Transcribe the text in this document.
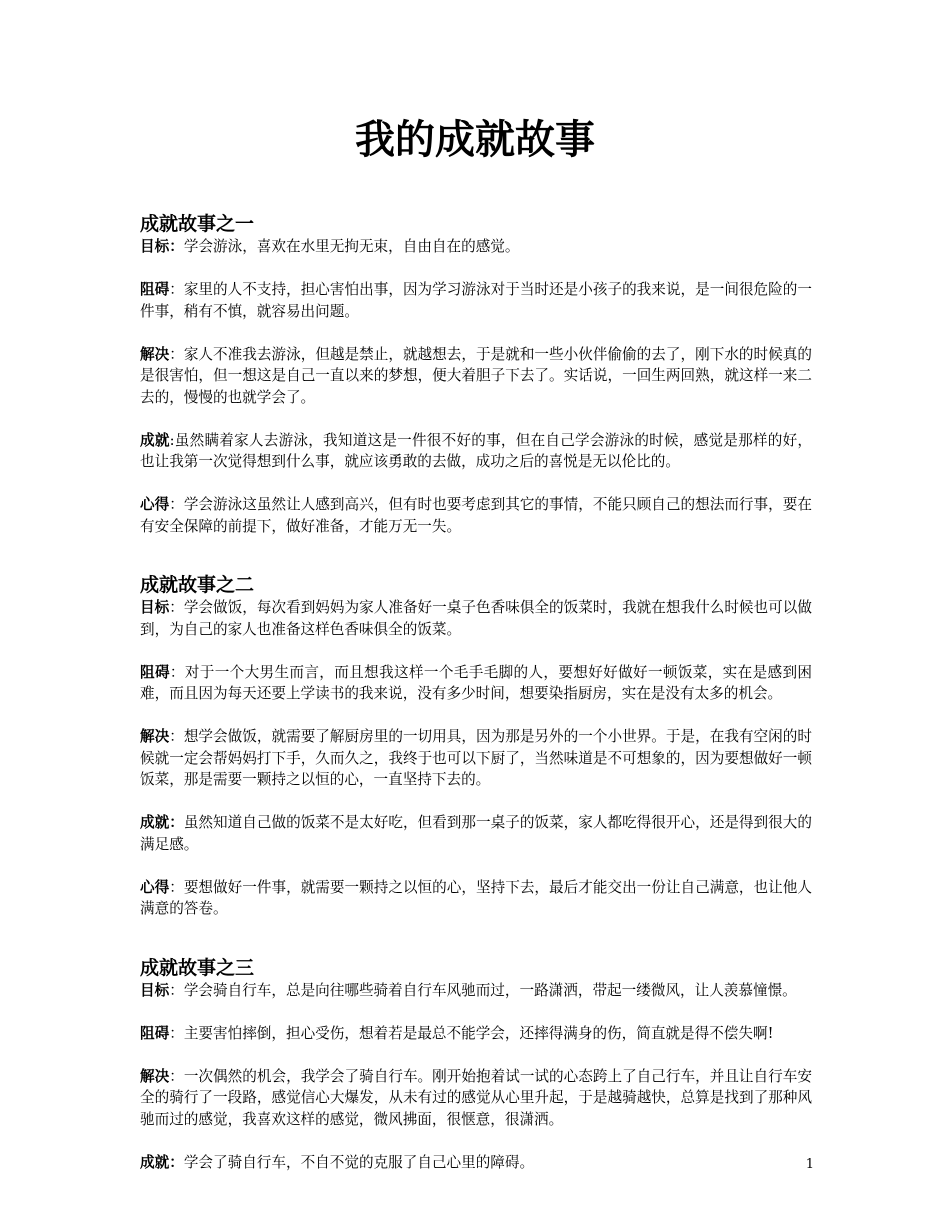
我的成就故事
成就故事之一

目标：学会游泳，喜欢在水里无拘无束，自由自在的感觉。

阻碍：家里的人不支持，担心害怕出事，因为学习游泳对于当时还是小孩子的我来说，是一间很危险的一件事，稍有不慎，就容易出问题。

解决：家人不准我去游泳，但越是禁止，就越想去，于是就和一些小伙伴偷偷的去了，刚下水的时候真的是很害怕，但一想这是自己一直以来的梦想，便大着胆子下去了。实话说，一回生两回熟，就这样一来二去的，慢慢的也就学会了。

成就:虽然瞒着家人去游泳，我知道这是一件很不好的事，但在自己学会游泳的时候，感觉是那样的好，也让我第一次觉得想到什么事，就应该勇敢的去做，成功之后的喜悦是无以伦比的。

心得：学会游泳这虽然让人感到高兴，但有时也要考虑到其它的事情，不能只顾自己的想法而行事，要在有安全保障的前提下，做好准备，才能万无一失。

成就故事之二

目标：学会做饭，每次看到妈妈为家人准备好一桌子色香味俱全的饭菜时，我就在想我什么时候也可以做到，为自己的家人也准备这样色香味俱全的饭菜。

阻碍：对于一个大男生而言，而且想我这样一个毛手毛脚的人，要想好好做好一顿饭菜，实在是感到困难，而且因为每天还要上学读书的我来说，没有多少时间，想要染指厨房，实在是没有太多的机会。

解决：想学会做饭，就需要了解厨房里的一切用具，因为那是另外的一个小世界。于是，在我有空闲的时候就一定会帮妈妈打下手，久而久之，我终于也可以下厨了，当然味道是不可想象的，因为要想做好一顿饭菜，那是需要一颗持之以恒的心，一直坚持下去的。

成就：虽然知道自己做的饭菜不是太好吃，但看到那一桌子的饭菜，家人都吃得很开心，还是得到很大的满足感。

心得：要想做好一件事，就需要一颗持之以恒的心，坚持下去，最后才能交出一份让自己满意，也让他人满意的答卷。

成就故事之三

目标：学会骑自行车，总是向往哪些骑着自行车风驰而过，一路潇洒，带起一缕微风，让人羡慕憧憬。

阻碍：主要害怕摔倒，担心受伤，想着若是最总不能学会，还摔得满身的伤，简直就是得不偿失啊!

解决：一次偶然的机会，我学会了骑自行车。刚开始抱着试一试的心态跨上了自己行车，并且让自行车安全的骑行了一段路，感觉信心大爆发，从未有过的感觉从心里升起，于是越骑越快，总算是找到了那种风驰而过的感觉，我喜欢这样的感觉，微风拂面，很惬意，很潇洒。

成就：学会了骑自行车，不自不觉的克服了自己心里的障碍。	1
